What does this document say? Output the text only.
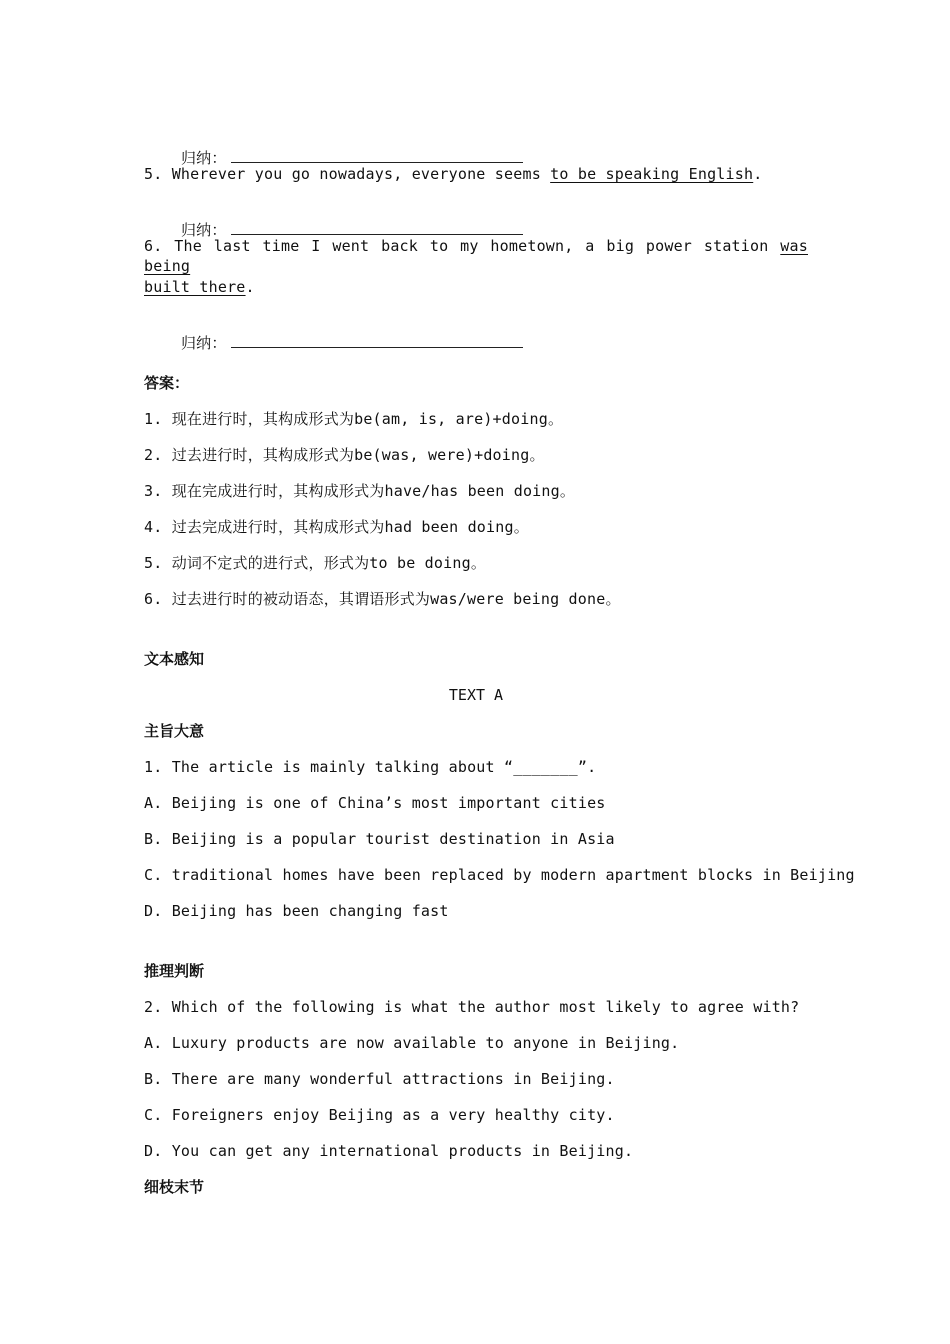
归纳：

5. Wherever you go nowadays, everyone seems to be speaking English.

归纳：

6. The last time I went back to my hometown, a big power station was being
built there.

归纳：

答案：
1. 现在进行时，其构成形式为be(am, is, are)+doing。
2. 过去进行时，其构成形式为be(was, were)+doing。
3. 现在完成进行时，其构成形式为have/has been doing。
4. 过去完成进行时，其构成形式为had been doing。
5. 动词不定式的进行式，形式为to be doing。
6. 过去进行时的被动语态，其谓语形式为was/were being done。
文本感知
TEXT A
主旨大意
1. The article is mainly talking about “_______”.
A. Beijing is one of China’s most important cities
B. Beijing is a popular tourist destination in Asia
C. traditional homes have been replaced by modern apartment blocks in Beijing
D. Beijing has been changing fast
推理判断
2. Which of the following is what the author most likely to agree with?
A. Luxury products are now available to anyone in Beijing.
B. There are many wonderful attractions in Beijing.
C. Foreigners enjoy Beijing as a very healthy city.
D. You can get any international products in Beijing.
细枝末节
